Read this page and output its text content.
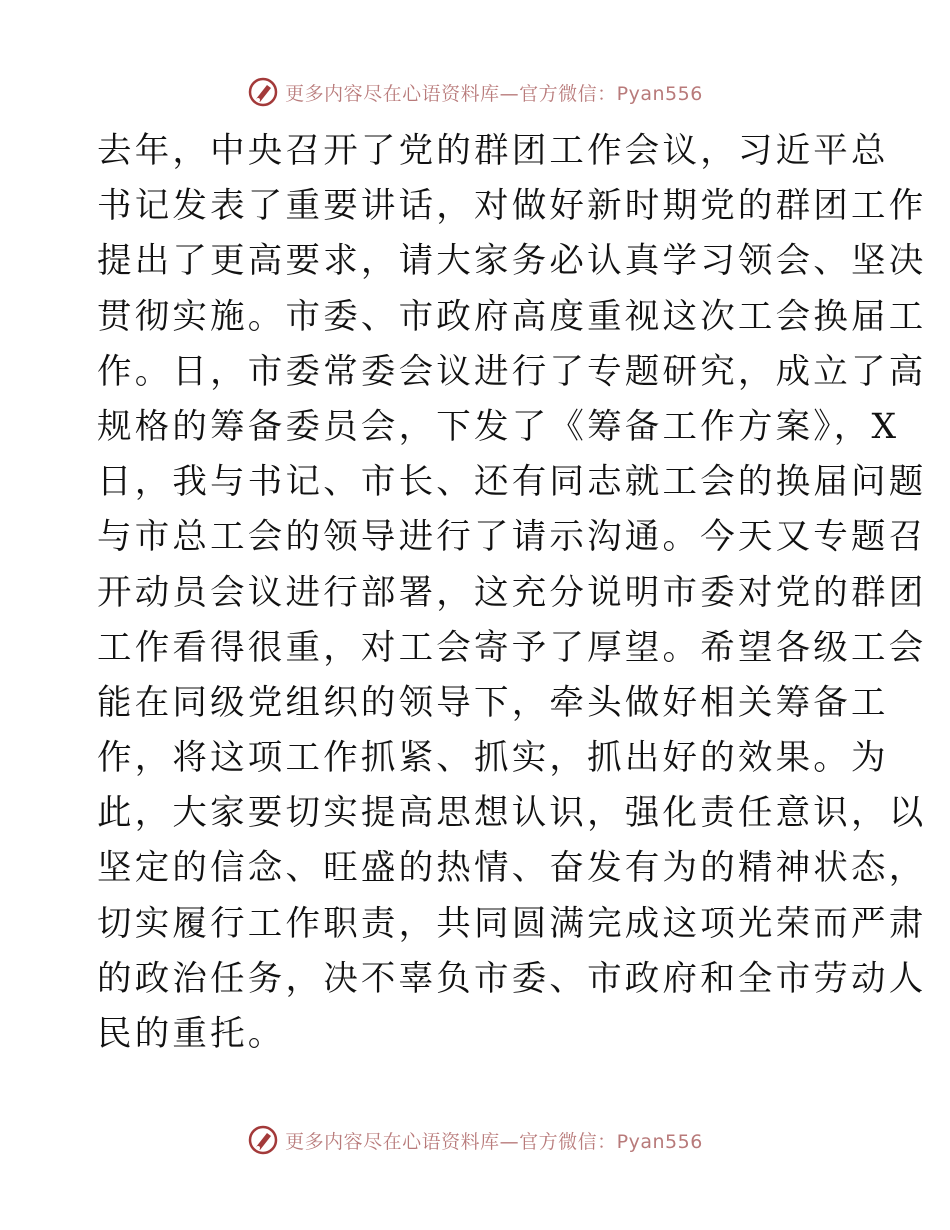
更多内容尽在心语资料库—官方微信：Pyan556
去年，中央召开了党的群团工作会议，习近平总
书记发表了重要讲话，对做好新时期党的群团工作
提出了更高要求，请大家务必认真学习领会、坚决
贯彻实施。市委、市政府高度重视这次工会换届工
作。日，市委常委会议进行了专题研究，成立了高
规格的筹备委员会，下发了《筹备工作方案》，X
日，我与书记、市长、还有同志就工会的换届问题
与市总工会的领导进行了请示沟通。今天又专题召
开动员会议进行部署，这充分说明市委对党的群团
工作看得很重，对工会寄予了厚望。希望各级工会
能在同级党组织的领导下，牵头做好相关筹备工
作，将这项工作抓紧、抓实，抓出好的效果。为
此，大家要切实提高思想认识，强化责任意识，以
坚定的信念、旺盛的热情、奋发有为的精神状态，
切实履行工作职责，共同圆满完成这项光荣而严肃
的政治任务，决不辜负市委、市政府和全市劳动人
民的重托。
更多内容尽在心语资料库—官方微信：Pyan556
